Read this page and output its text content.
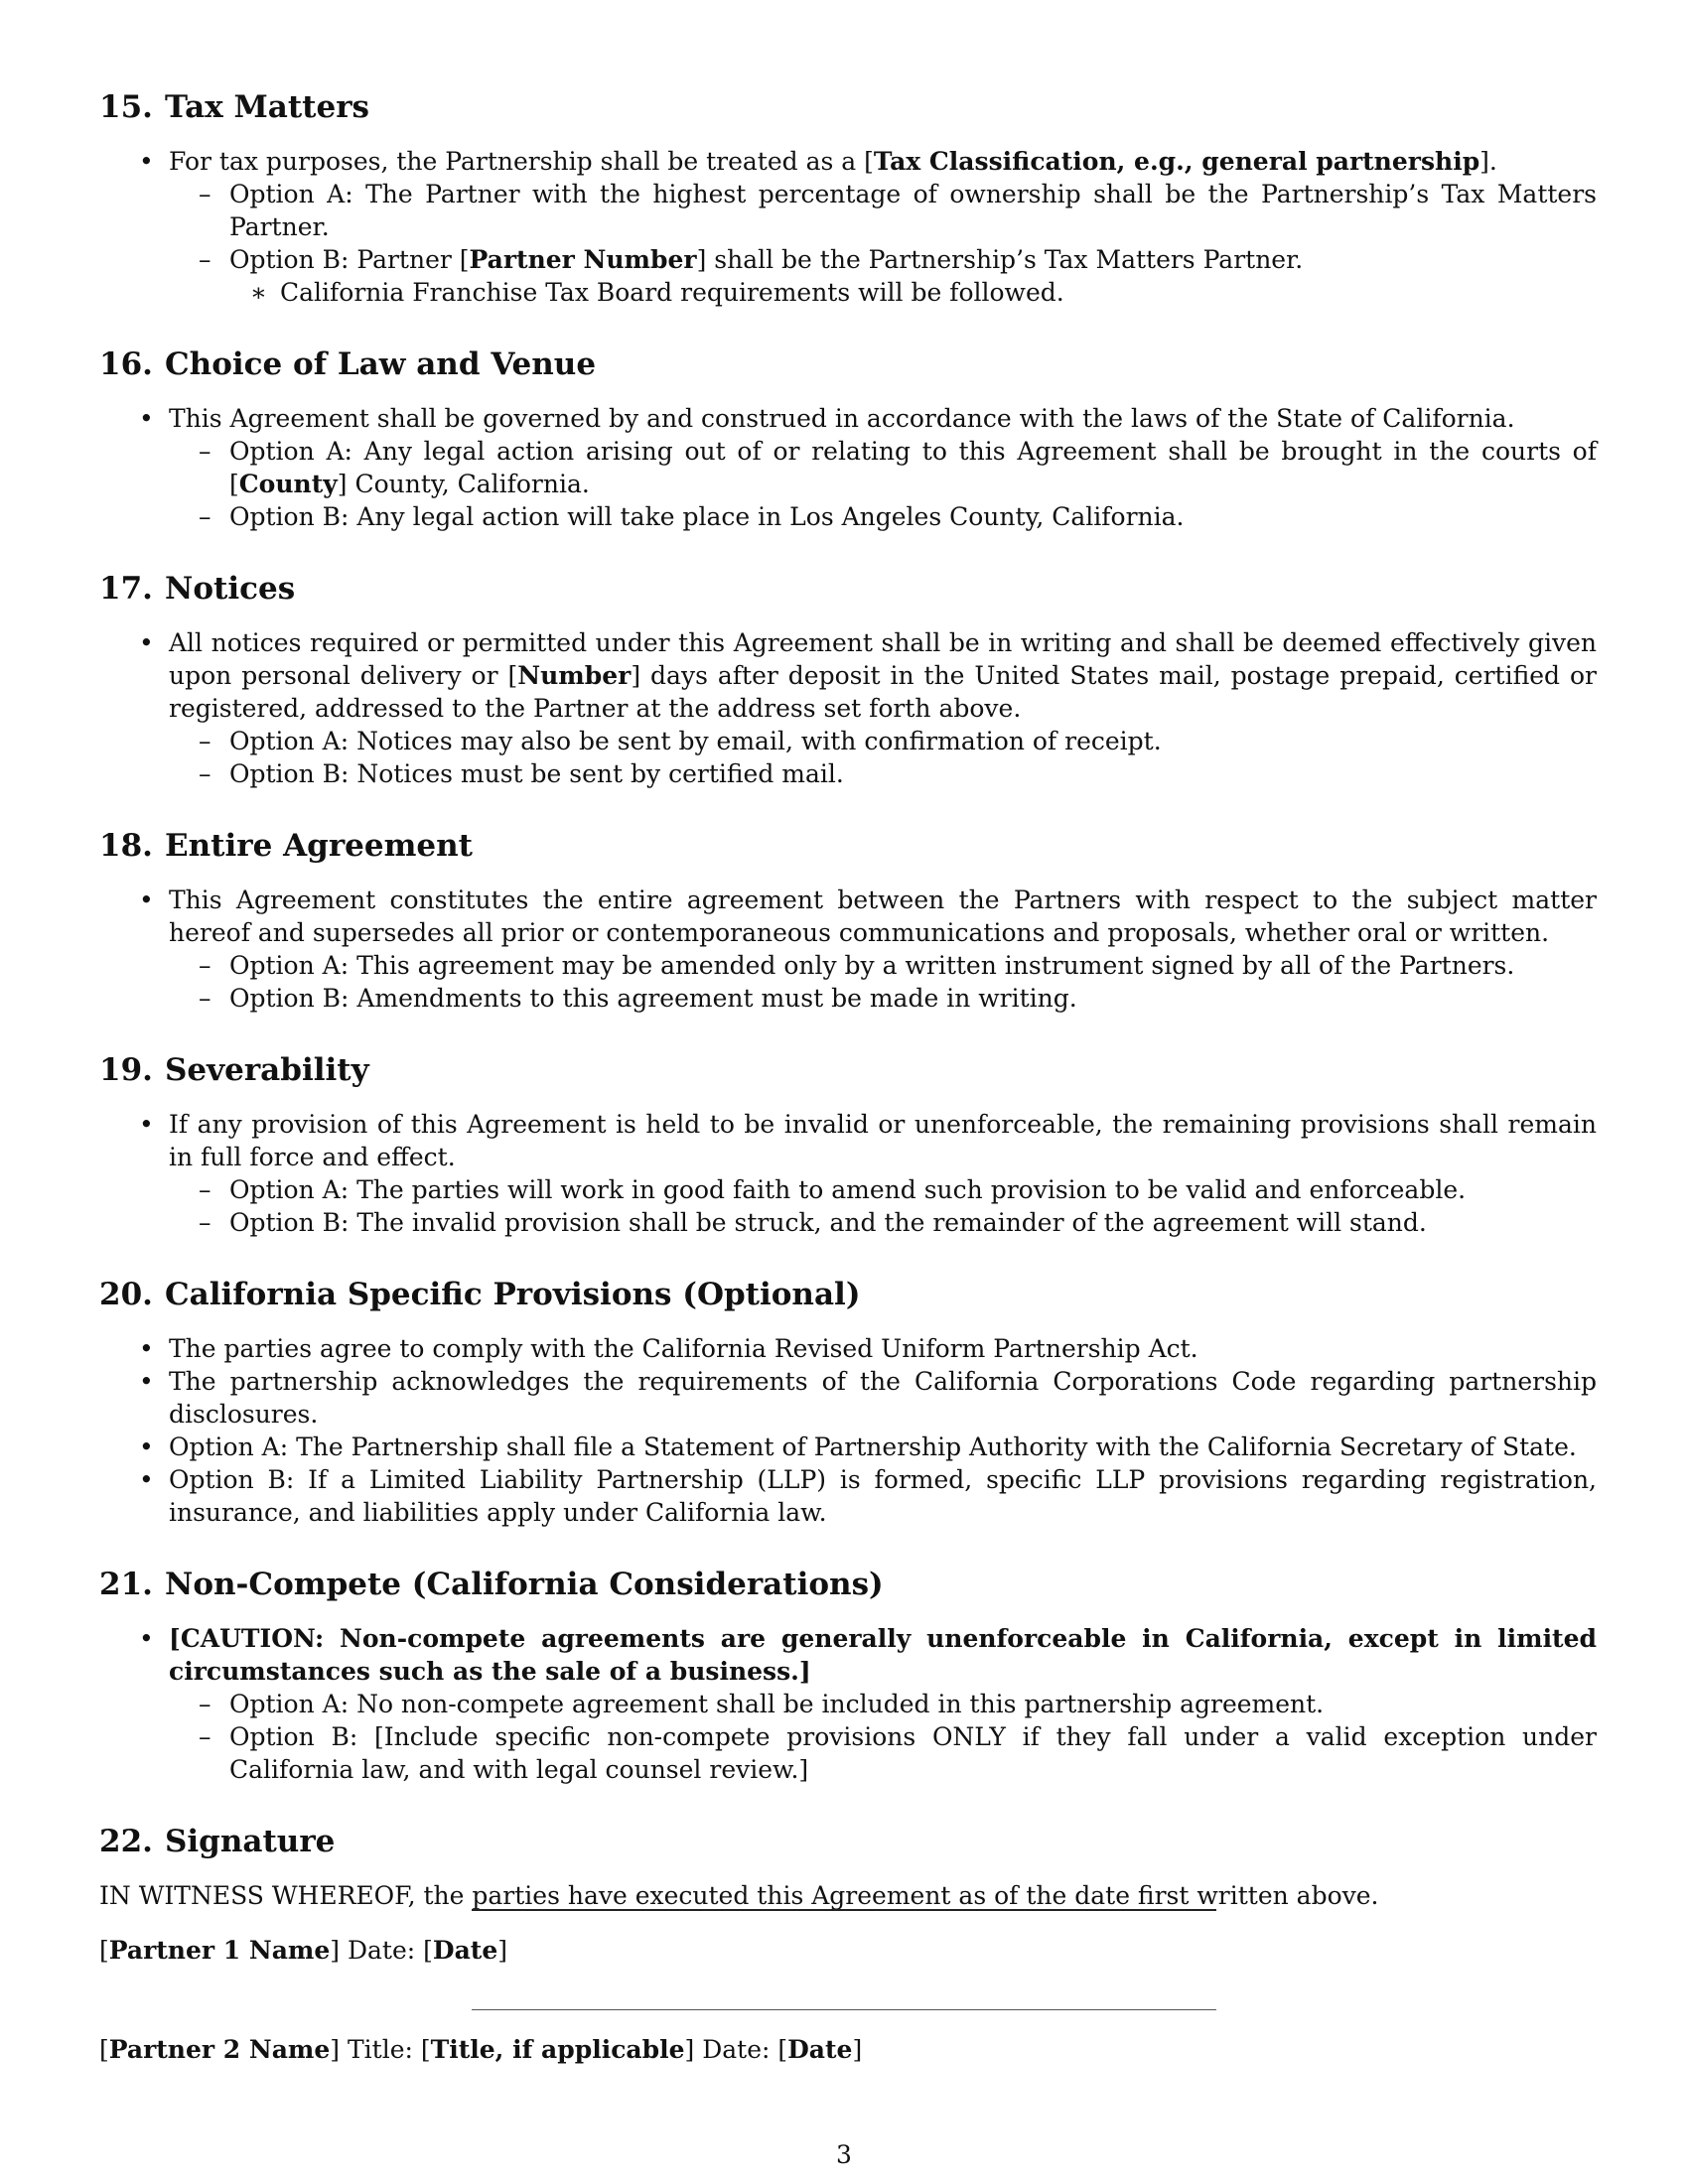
15. Tax Matters
• For tax purposes, the Partnership shall be treated as a [Tax Classification, e.g., general partnership].
– Option A: The Partner with the highest percentage of ownership shall be the Partnership’s Tax Matters Partner.
– Option B: Partner [Partner Number] shall be the Partnership’s Tax Matters Partner.
∗ California Franchise Tax Board requirements will be followed.
16. Choice of Law and Venue
• This Agreement shall be governed by and construed in accordance with the laws of the State of California.
– Option A: Any legal action arising out of or relating to this Agreement shall be brought in the courts of [County] County, California.
– Option B: Any legal action will take place in Los Angeles County, California.
17. Notices
• All notices required or permitted under this Agreement shall be in writing and shall be deemed effectively given upon personal delivery or [Number] days after deposit in the United States mail, postage prepaid, certified or registered, addressed to the Partner at the address set forth above.
– Option A: Notices may also be sent by email, with confirmation of receipt.
– Option B: Notices must be sent by certified mail.
18. Entire Agreement
• This Agreement constitutes the entire agreement between the Partners with respect to the subject matter hereof and supersedes all prior or contemporaneous communications and proposals, whether oral or written.
– Option A: This agreement may be amended only by a written instrument signed by all of the Partners.
– Option B: Amendments to this agreement must be made in writing.
19. Severability
• If any provision of this Agreement is held to be invalid or unenforceable, the remaining provisions shall remain in full force and effect.
– Option A: The parties will work in good faith to amend such provision to be valid and enforceable.
– Option B: The invalid provision shall be struck, and the remainder of the agreement will stand.
20. California Specific Provisions (Optional)
• The parties agree to comply with the California Revised Uniform Partnership Act.
• The partnership acknowledges the requirements of the California Corporations Code regarding partnership disclosures.
• Option A: The Partnership shall file a Statement of Partnership Authority with the California Secretary of State.
• Option B: If a Limited Liability Partnership (LLP) is formed, specific LLP provisions regarding registration, insurance, and liabilities apply under California law.
21. Non-Compete (California Considerations)
• [CAUTION: Non-compete agreements are generally unenforceable in California, except in limited circumstances such as the sale of a business.]
– Option A: No non-compete agreement shall be included in this partnership agreement.
– Option B: [Include specific non-compete provisions ONLY if they fall under a valid exception under California law, and with legal counsel review.]
22. Signature

IN WITNESS WHEREOF, the parties have executed this Agreement as of the date first written above.

[Partner 1 Name] Date: [Date]
[Partner 2 Name] Title: [Title, if applicable] Date: [Date]
3
